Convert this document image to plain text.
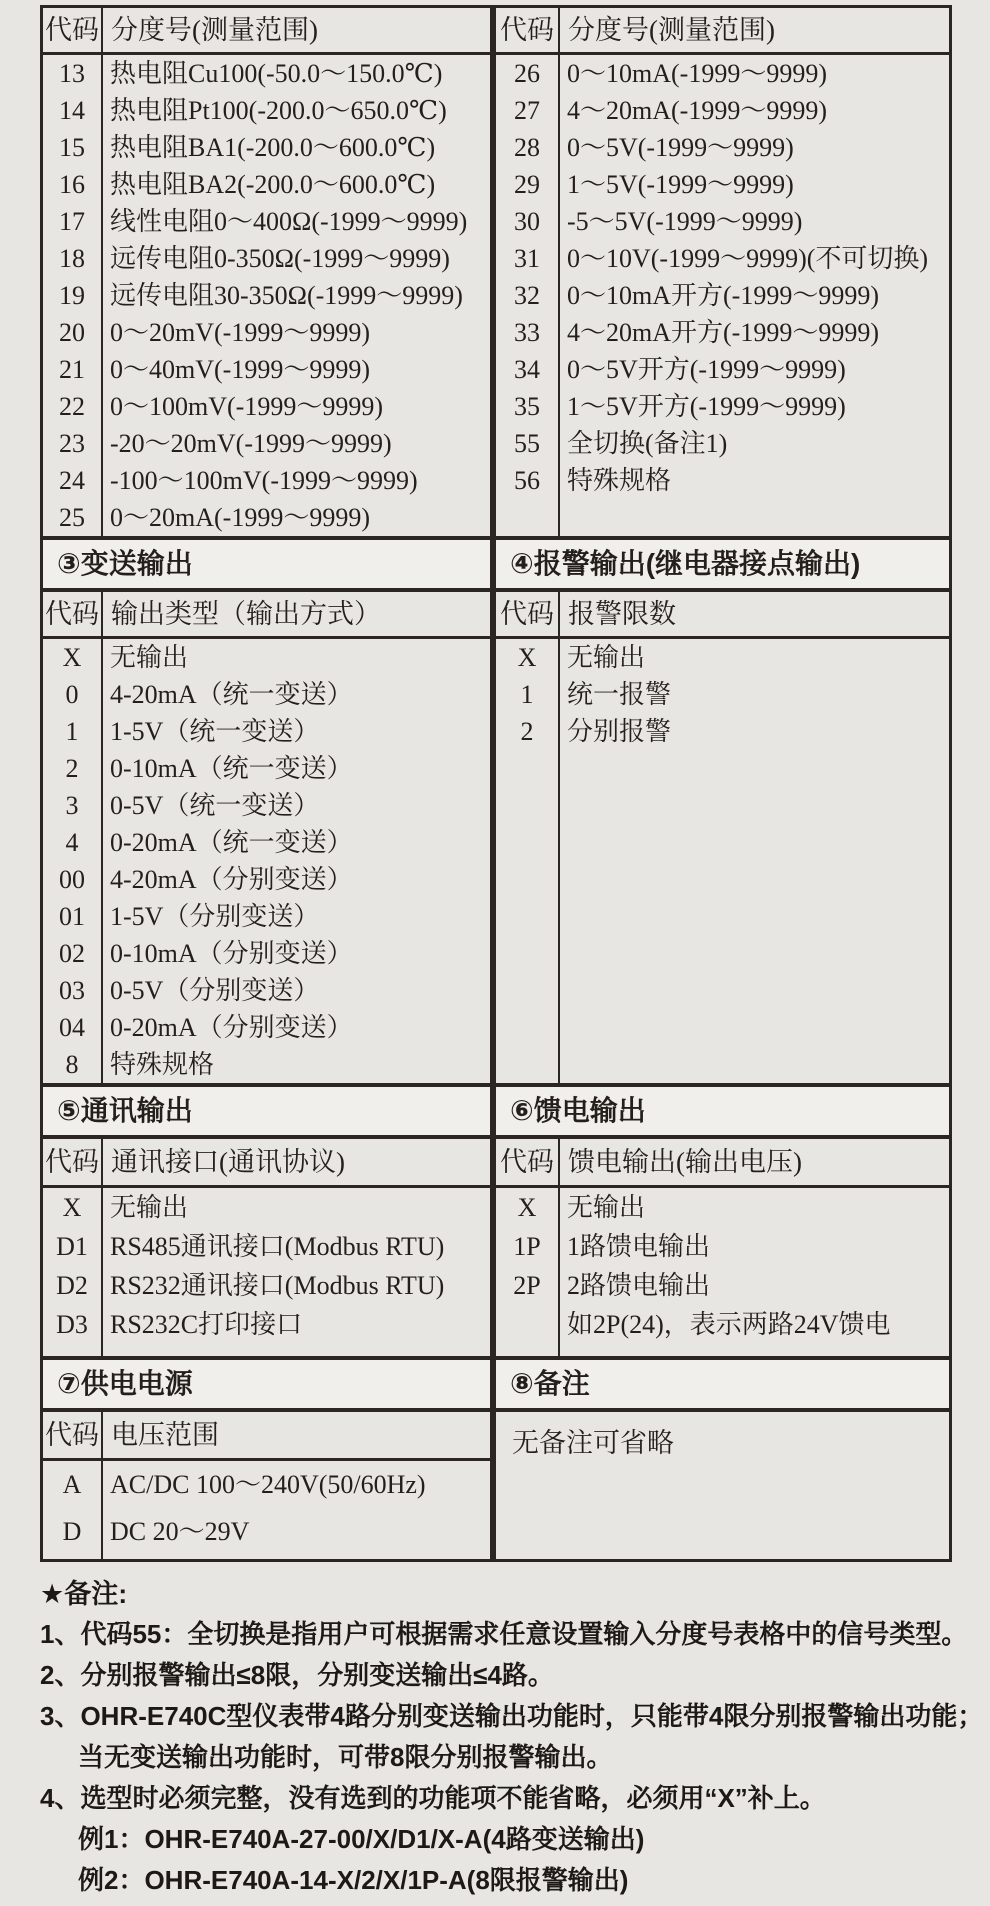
代码 分度号(测量范围)
13 热电阻Cu100(-50.0～150.0℃)
14 热电阻Pt100(-200.0～650.0℃)
15 热电阻BA1(-200.0～600.0℃)
16 热电阻BA2(-200.0～600.0℃)
17 线性电阻0～400Ω(-1999～9999)
18 远传电阻0-350Ω(-1999～9999)
19 远传电阻30-350Ω(-1999～9999)
20 0～20mV(-1999～9999)
21 0～40mV(-1999～9999)
22 0～100mV(-1999～9999)
23 -20～20mV(-1999～9999)
24 -100～100mV(-1999～9999)
25 0～20mA(-1999～9999)
代码 分度号(测量范围)
26	0～10mA(-1999～9999)
27	4～20mA(-1999～9999)
28	0～5V(-1999～9999)
29	1～5V(-1999～9999)
30	-5～5V(-1999～9999)
31	0～10V(-1999～9999)(不可切换)
32	0～10mA开方(-1999～9999)
33	4～20mA开方(-1999～9999)
34	0～5V开方(-1999～9999)
35	1～5V开方(-1999～9999)
55	全切换(备注1)
56	特殊规格
③变送输出	④报警输出(继电器接点输出)
代码 输出类型（输出方式）
X	无输出
0	4-20mA（统一变送）
1	1-5V（统一变送）
2	0-10mA（统一变送）
3	0-5V（统一变送）
4	0-20mA（统一变送）
00 4-20mA（分别变送）
01 1-5V（分别变送）
02 0-10mA（分别变送）
03 0-5V（分别变送）
04 0-20mA（分别变送）
8	特殊规格
代码 报警限数
X	无输出
1	统一报警
2	分别报警
⑤通讯输出	⑥馈电输出
代码 通讯接口(通讯协议)
X	无输出
D1 RS485通讯接口(Modbus RTU)
D2 RS232通讯接口(Modbus RTU)
D3 RS232C打印接口
代码 馈电输出(输出电压)
X	无输出
1P	1路馈电输出
2P	2路馈电输出
如2P(24)，表示两路24V馈电
⑦供电电源	⑧备注
代码 电压范围
A	AC/DC 100～240V(50/60Hz)
D	DC 20～29V
无备注可省略
★备注:
1、代码55：全切换是指用户可根据需求任意设置输入分度号表格中的信号类型。
2、分别报警输出≤8限，分别变送输出≤4路。
3、OHR-E740C型仪表带4路分别变送输出功能时，只能带4限分别报警输出功能；
当无变送输出功能时，可带8限分别报警输出。
4、选型时必须完整，没有选到的功能项不能省略，必须用“X”补上。
例1：OHR-E740A-27-00/X/D1/X-A(4路变送输出)
例2：OHR-E740A-14-X/2/X/1P-A(8限报警输出)
